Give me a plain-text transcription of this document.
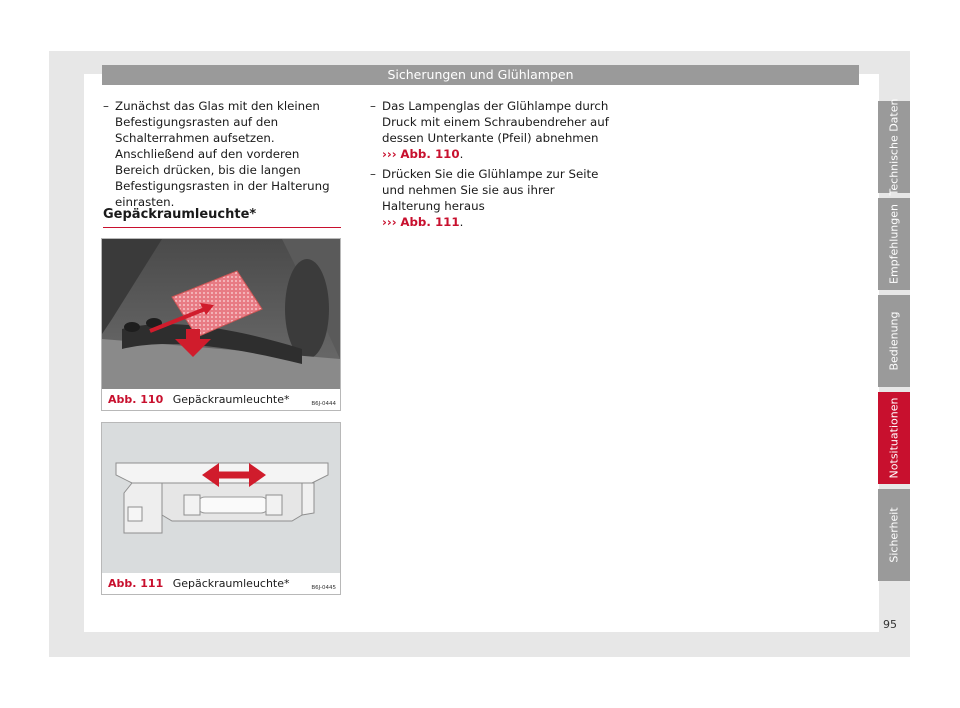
Sicherungen und Glühlampen
– Zunächst das Glas mit den kleinen Befestigungsrasten auf den Schalterrahmen aufsetzen. Anschließend auf den vorderen Bereich drücken, bis die langen Befestigungsrasten in der Halterung einrasten.
Gepäckraumleuchte*
B6J-0444
Abb. 110 Gepäckraumleuchte*
B6J-0445
Abb. 111 Gepäckraumleuchte*
– Das Lampenglas der Glühlampe durch Druck mit einem Schraubendreher auf dessen Unterkante (Pfeil) abnehmen
››› Abb. 110.
– Drücken Sie die Glühlampe zur Seite und nehmen Sie sie aus ihrer Halterung heraus
››› Abb. 111.
Technische Daten
Empfehlungen
Bedienung
Notsituationen
Sicherheit
95
